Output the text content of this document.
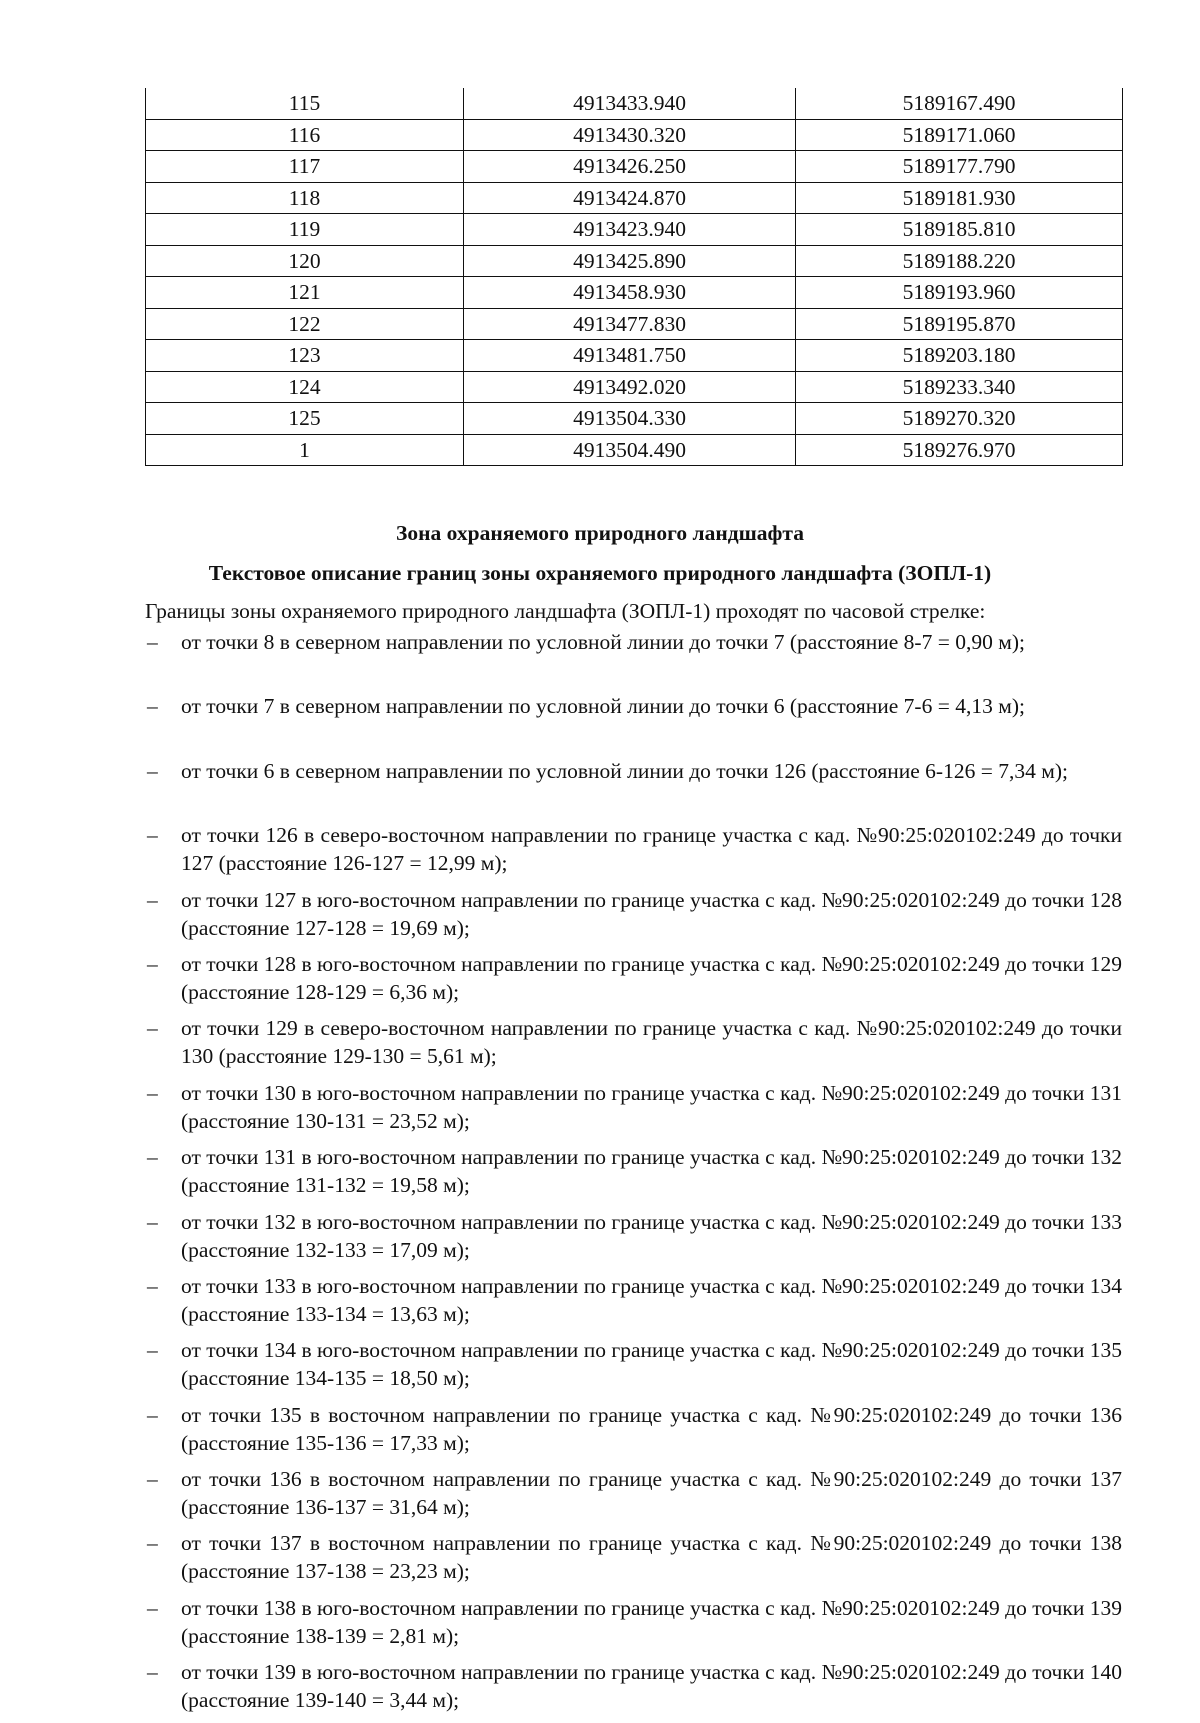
115	4913433.940	5189167.490
116	4913430.320	5189171.060
117	4913426.250	5189177.790
118	4913424.870	5189181.930
119	4913423.940	5189185.810
120	4913425.890	5189188.220
121	4913458.930	5189193.960
122	4913477.830	5189195.870
123	4913481.750	5189203.180
124	4913492.020	5189233.340
125	4913504.330	5189270.320
1	4913504.490	5189276.970
Зона охраняемого природного ландшафта
Текстовое описание границ зоны охраняемого природного ландшафта (ЗОПЛ-1)
Границы зоны охраняемого природного ландшафта (ЗОПЛ-1) проходят по часовой стрелке:
– от точки 8 в северном направлении по условной линии до точки 7 (расстояние 8-7 = 0,90 м);
– от точки 7 в северном направлении по условной линии до точки 6 (расстояние 7-6 = 4,13 м);
– от точки 6 в северном направлении по условной линии до точки 126 (расстояние 6-126 = 7,34 м);
– от точки 126 в северо-восточном направлении по границе участка с кад. №90:25:020102:249 до точки 127 (расстояние 126-127 = 12,99 м);
– от точки 127 в юго-восточном направлении по границе участка с кад. №90:25:020102:249 до точки 128 (расстояние 127-128 = 19,69 м);
– от точки 128 в юго-восточном направлении по границе участка с кад. №90:25:020102:249 до точки 129 (расстояние 128-129 = 6,36 м);
– от точки 129 в северо-восточном направлении по границе участка с кад. №90:25:020102:249 до точки 130 (расстояние 129-130 = 5,61 м);
– от точки 130 в юго-восточном направлении по границе участка с кад. №90:25:020102:249 до точки 131 (расстояние 130-131 = 23,52 м);
– от точки 131 в юго-восточном направлении по границе участка с кад. №90:25:020102:249 до точки 132 (расстояние 131-132 = 19,58 м);
– от точки 132 в юго-восточном направлении по границе участка с кад. №90:25:020102:249 до точки 133 (расстояние 132-133 = 17,09 м);
– от точки 133 в юго-восточном направлении по границе участка с кад. №90:25:020102:249 до точки 134 (расстояние 133-134 = 13,63 м);
– от точки 134 в юго-восточном направлении по границе участка с кад. №90:25:020102:249 до точки 135 (расстояние 134-135 = 18,50 м);
– от точки 135 в восточном направлении по границе участка с кад. №90:25:020102:249 до точки 136 (расстояние 135-136 = 17,33 м);
– от точки 136 в восточном направлении по границе участка с кад. №90:25:020102:249 до точки 137 (расстояние 136-137 = 31,64 м);
– от точки 137 в восточном направлении по границе участка с кад. №90:25:020102:249 до точки 138 (расстояние 137-138 = 23,23 м);
– от точки 138 в юго-восточном направлении по границе участка с кад. №90:25:020102:249 до точки 139 (расстояние 138-139 = 2,81 м);
– от точки 139 в юго-восточном направлении по границе участка с кад. №90:25:020102:249 до точки 140 (расстояние 139-140 = 3,44 м);
